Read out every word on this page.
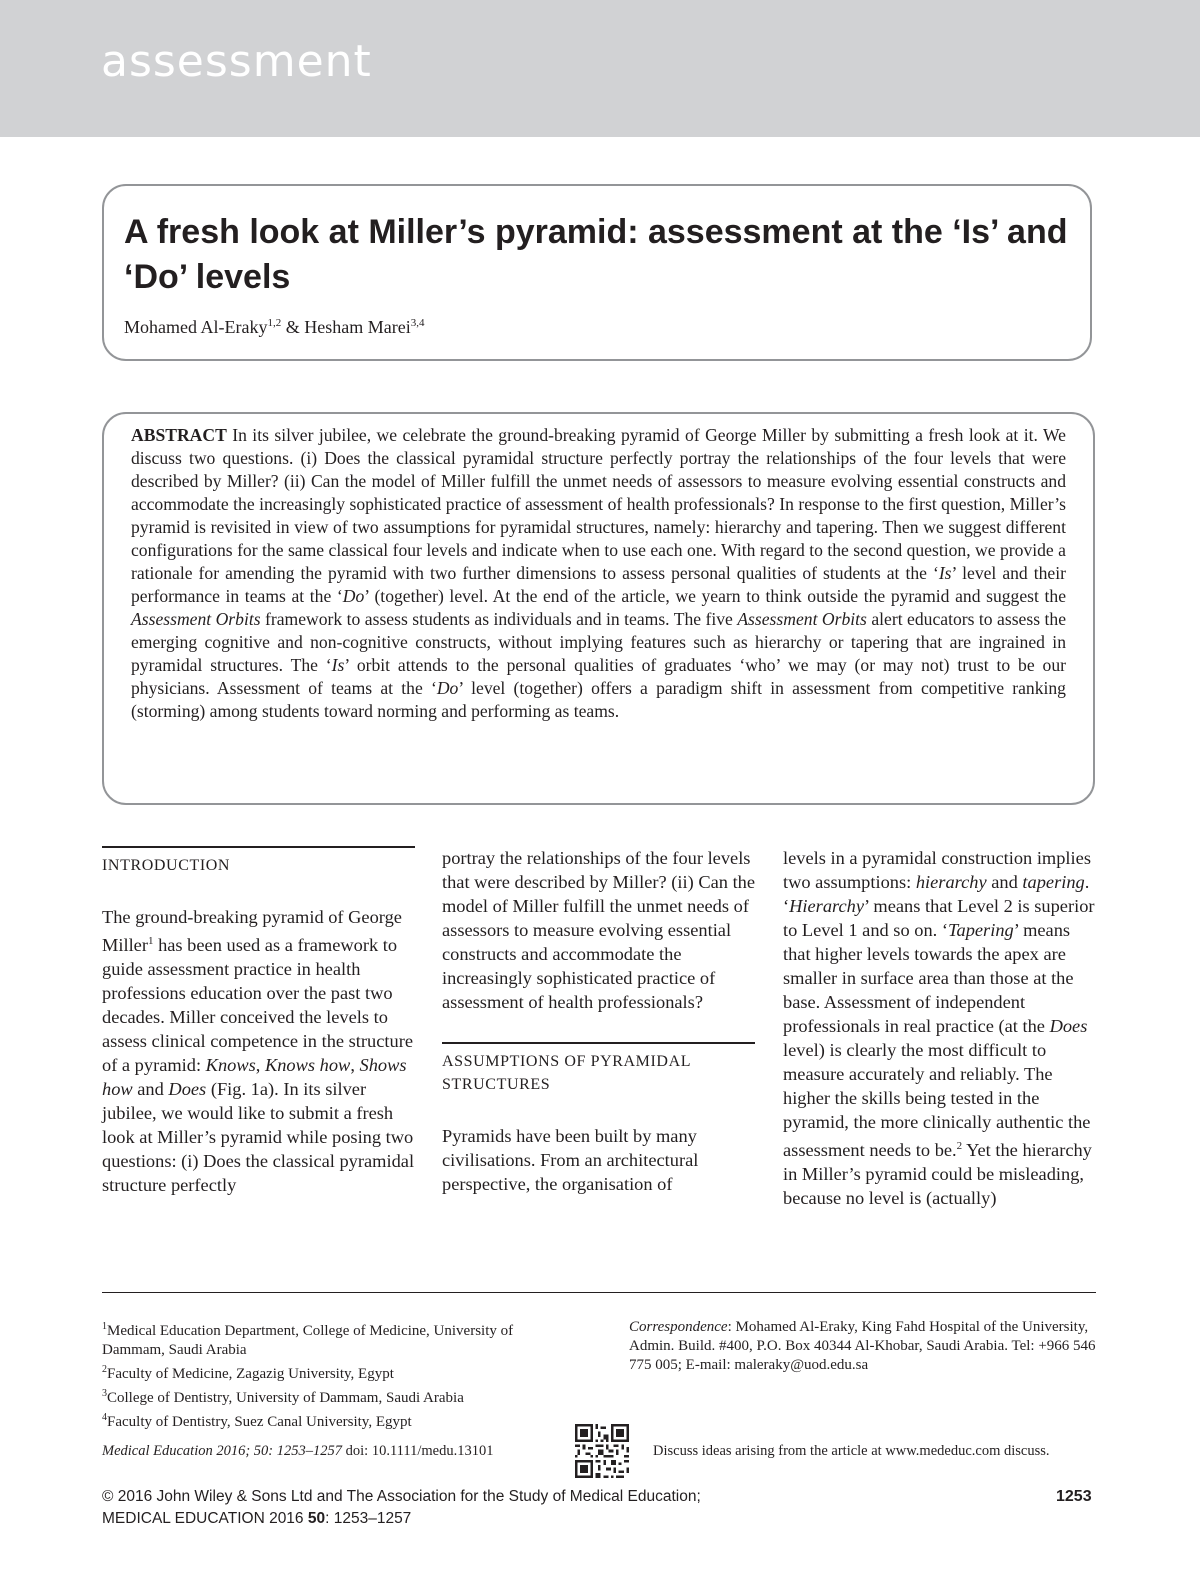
assessment
A fresh look at Miller’s pyramid: assessment at the ‘Is’ and ‘Do’ levels
Mohamed Al-Eraky$^{1,2}$ & Hesham Marei$^{3,4}$

ABSTRACT In its silver jubilee, we celebrate the ground-breaking pyramid of George Miller by submitting a fresh look at it. We discuss two questions. (i) Does the classical pyramidal structure perfectly portray the relationships of the four levels that were described by Miller? (ii) Can the model of Miller fulfill the unmet needs of assessors to measure evolving essential constructs and accommodate the increasingly sophisticated practice of assessment of health professionals? In response to the first question, Miller’s pyramid is revisited in view of two assumptions for pyramidal structures, namely: hierarchy and tapering. Then we suggest different configurations for the same classical four levels and indicate when to use each one. With regard to the second question, we provide a rationale for amending the pyramid with two further dimensions to assess personal qualities of students at the ‘Is’ level and their performance in teams at the ‘Do’ (together) level. At the end of the article, we yearn to think outside the pyramid and suggest the Assessment Orbits framework to assess students as individuals and in teams. The five Assessment Orbits alert educators to assess the emerging cognitive and non-cognitive constructs, without implying features such as hierarchy or tapering that are ingrained in pyramidal structures. The ‘Is’ orbit attends to the personal qualities of graduates ‘who’ we may (or may not) trust to be our physicians. Assessment of teams at the ‘Do’ level (together) offers a paradigm shift in assessment from competitive ranking (storming) among students toward norming and performing as teams.

INTRODUCTION

The ground-breaking pyramid of George Miller$^1$ has been used as a framework to guide assessment practice in health professions education over the past two decades. Miller conceived the levels to assess clinical competence in the structure of a pyramid: Knows, Knows how, Shows how and Does (Fig. 1a). In its silver jubilee, we would like to submit a fresh look at Miller’s pyramid while posing two questions: (i) Does the classical pyramidal structure perfectly

portray the relationships of the four levels that were described by Miller? (ii) Can the model of Miller fulfill the unmet needs of assessors to measure evolving essential constructs and accommodate the increasingly sophisticated practice of assessment of health professionals?

ASSUMPTIONS OF PYRAMIDAL STRUCTURES

Pyramids have been built by many civilisations. From an architectural perspective, the organisation of

levels in a pyramidal construction implies two assumptions: hierarchy and tapering. ‘Hierarchy’ means that Level 2 is superior to Level 1 and so on. ‘Tapering’ means that higher levels towards the apex are smaller in surface area than those at the base. Assessment of independent professionals in real practice (at the Does level) is clearly the most difficult to measure accurately and reliably. The higher the skills being tested in the pyramid, the more clinically authentic the assessment needs to be.$^2$ Yet the hierarchy in Miller’s pyramid could be misleading, because no level is (actually)

$^1$Medical Education Department, College of Medicine, University of Dammam, Saudi Arabia
$^2$Faculty of Medicine, Zagazig University, Egypt
$^3$College of Dentistry, University of Dammam, Saudi Arabia
$^4$Faculty of Dentistry, Suez Canal University, Egypt
Correspondence: Mohamed Al-Eraky, King Fahd Hospital of the University, Admin. Build. #400, P.O. Box 40344 Al-Khobar, Saudi Arabia. Tel: +966 546 775 005; E-mail: maleraky@uod.edu.sa
Medical Education 2016; 50: 1253–1257 doi: 10.1111/medu.13101	Discuss ideas arising from the article at www.mededuc.com discuss.
© 2016 John Wiley & Sons Ltd and The Association for the Study of Medical Education;
MEDICAL EDUCATION 2016 50: 1253–1257
1253
